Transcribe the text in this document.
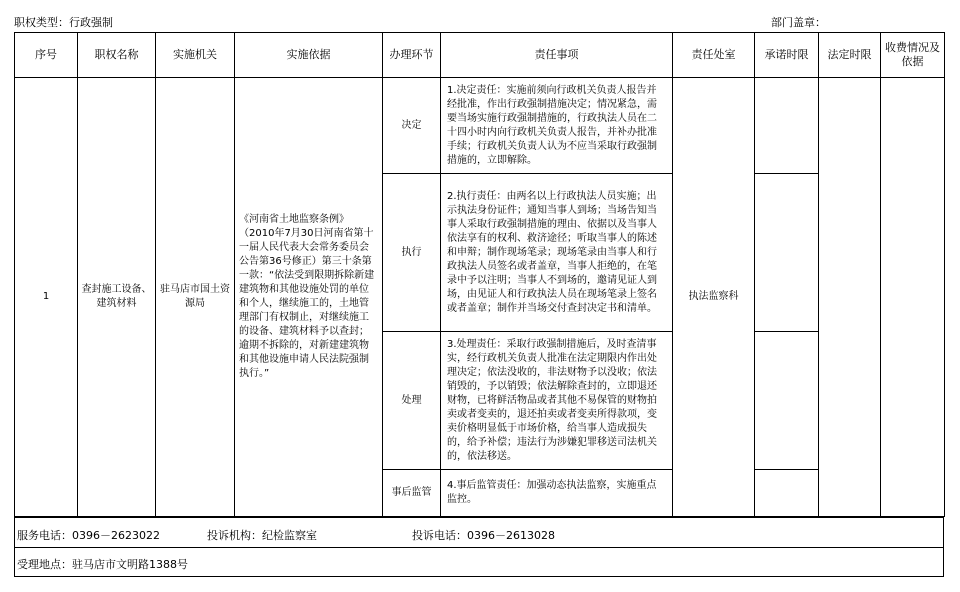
职权类型：行政强制	部门盖章：
序号	职权名称	实施机关	实施依据	办理环节	责任事项	责任处室	承诺时限	法定时限	收费情况及依据
1	查封施工设备、建筑材料	驻马店市国土资源局	《河南省土地监察条例》（2010年7月30日河南省第十一届人民代表大会常务委员会公告第36号修正）第三十条第一款：“依法受到限期拆除新建建筑物和其他设施处罚的单位和个人，继续施工的，土地管理部门有权制止，对继续施工的设备、建筑材料予以查封；逾期不拆除的，对新建建筑物和其他设施申请人民法院强制执行。”	决定	1.决定责任：实施前须向行政机关负责人报告并经批准，作出行政强制措施决定；情况紧急，需要当场实施行政强制措施的，行政执法人员在二十四小时内向行政机关负责人报告，并补办批准手续；行政机关负责人认为不应当采取行政强制措施的，立即解除。	执法监察科			
				执行	2.执行责任：由两名以上行政执法人员实施；出示执法身份证件；通知当事人到场；当场告知当事人采取行政强制措施的理由、依据以及当事人依法享有的权利、救济途径；听取当事人的陈述和申辩；制作现场笔录；现场笔录由当事人和行政执法人员签名或者盖章，当事人拒绝的，在笔录中予以注明；当事人不到场的，邀请见证人到场，由见证人和行政执法人员在现场笔录上签名或者盖章；制作并当场交付查封决定书和清单。				
				处理	3.处理责任：采取行政强制措施后，及时查清事实，经行政机关负责人批准在法定期限内作出处理决定；依法没收的，非法财物予以没收；依法销毁的，予以销毁；依法解除查封的，立即退还财物，已将鲜活物品或者其他不易保管的财物拍卖或者变卖的，退还拍卖或者变卖所得款项，变卖价格明显低于市场价格，给当事人造成损失的，给予补偿；违法行为涉嫌犯罪移送司法机关的，依法移送。				
				事后监管	4.事后监管责任：加强动态执法监察，实施重点监控。				
服务电话：0396－2623022	投诉机构：纪检监察室	投诉电话：0396－2613028
受理地点：驻马店市文明路1388号
